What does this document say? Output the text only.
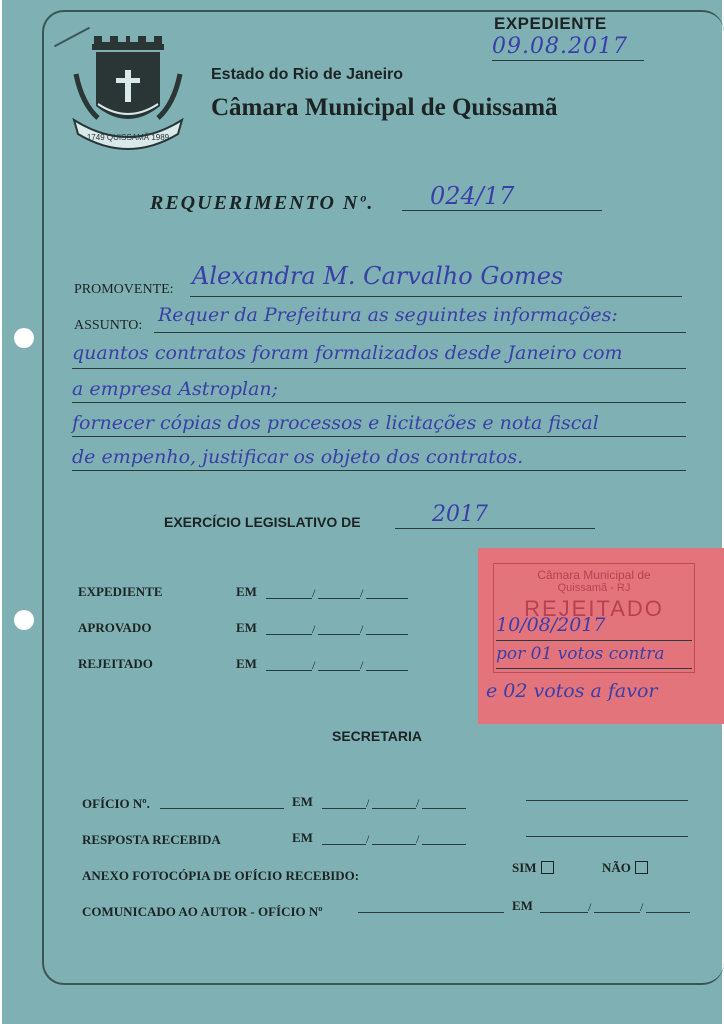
EXPEDIENTE
09.08.2017
1749 QUISSAMÃ 1989
Estado do Rio de Janeiro
Câmara Municipal de Quissamã
REQUERIMENTO Nº. 024/17
PROMOVENTE: Alexandra M. Carvalho Gomes
ASSUNTO: Requer da Prefeitura as seguintes informações:
quantos contratos foram formalizados desde Janeiro com
a empresa Astroplan;
fornecer cópias dos processos e licitações e nota fiscal
de empenho, justificar os objeto dos contratos.
EXERCÍCIO LEGISLATIVO DE	2017
EXPEDIENTE	EM	/	/
APROVADO	EM	/	/
REJEITADO	EM	/	/
Câmara Municipal de
Quissamã - RJ
REJEITADO
10/08/2017
por 01 votos contra
e 02 votos a favor
SECRETARIA
OFÍCIO Nº.	EM	/	/
RESPOSTA RECEBIDA	EM	/	/
ANEXO FOTOCÓPIA DE OFÍCIO RECEBIDO:
SIM	NÃO
COMUNICADO AO AUTOR - OFÍCIO Nº	EM	/	/
